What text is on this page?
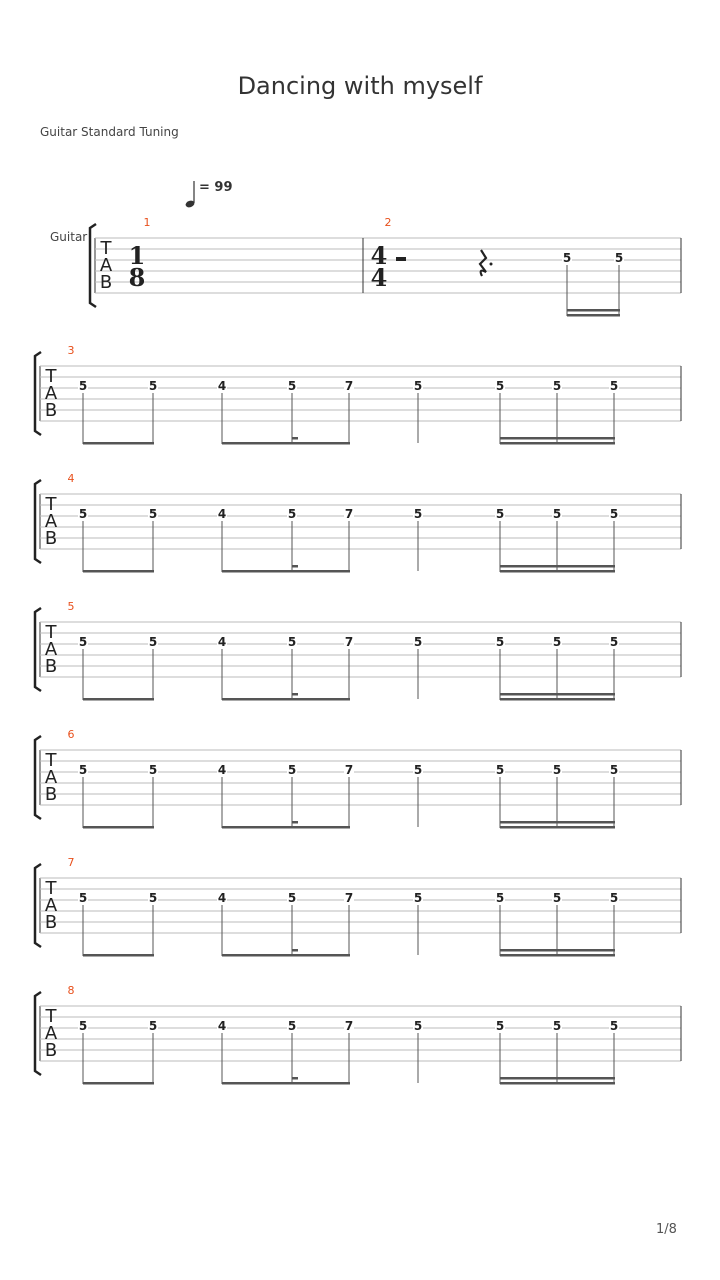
Dancing with myself
Guitar Standard Tuning
= 99
Guitar
T
A
B
1
1
8
2
4
4
5	5
T
A
B
3
5	5	4	5	7	5	5	5	5
T
A
B
4
5	5	4	5	7	5	5	5	5
T
A
B
5
5	5	4	5	7	5	5	5	5
T
A
B
6
5	5	4	5	7	5	5	5	5
T
A
B
7
5	5	4	5	7	5	5	5	5
T
A
B
8
5	5	4	5	7	5	5	5	5
1/8
